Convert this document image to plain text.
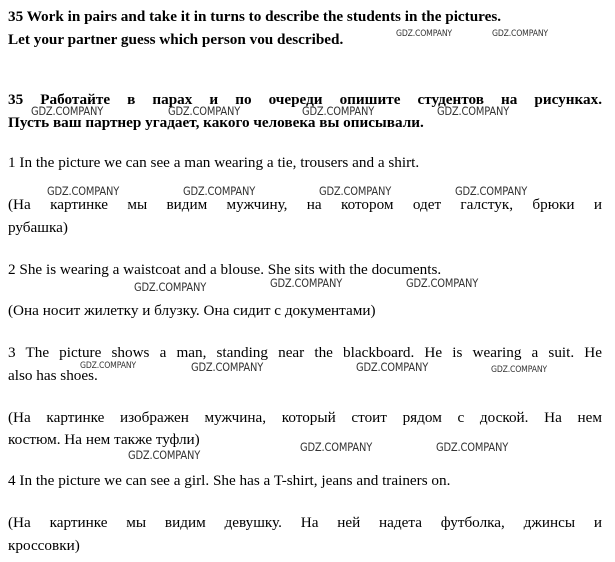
35 Work in pairs and take it in turns to describe the students in the pictures.

Let your partner guess which person vou described.

35 Работайте в парах и по очереди опишите студентов на рисунках.

Пусть ваш партнер угадает, какого человека вы описывали.

1 In the picture we can see a man wearing a tie, trousers and a shirt.

(На картинке мы видим мужчину, на котором одет галстук, брюки и

рубашка)

2 She is wearing a waistcoat and a blouse. She sits with the documents.

(Она носит жилетку и блузку. Она сидит с документами)

3 The picture shows a man, standing near the blackboard. He is wearing a suit. He

also has shoes.

(На картинке изображен мужчина, который стоит рядом с доской. На нем

костюм. На нем также туфли)

4 In the picture we can see a girl. She has a T-shirt, jeans and trainers on.

(На картинке мы видим девушку. На ней надета футболка, джинсы и

кроссовки)

GDZ.COMPANY	GDZ.COMPANY
GDZ.COMPANY	GDZ.COMPANY	GDZ.COMPANY	GDZ.COMPANY
GDZ.COMPANY	GDZ.COMPANY	GDZ.COMPANY	GDZ.COMPANY
GDZ.COMPANY	GDZ.COMPANY	GDZ.COMPANY
GDZ.COMPANY	GDZ.COMPANY	GDZ.COMPANY	GDZ.COMPANY
GDZ.COMPANY	GDZ.COMPANY
GDZ.COMPANY
